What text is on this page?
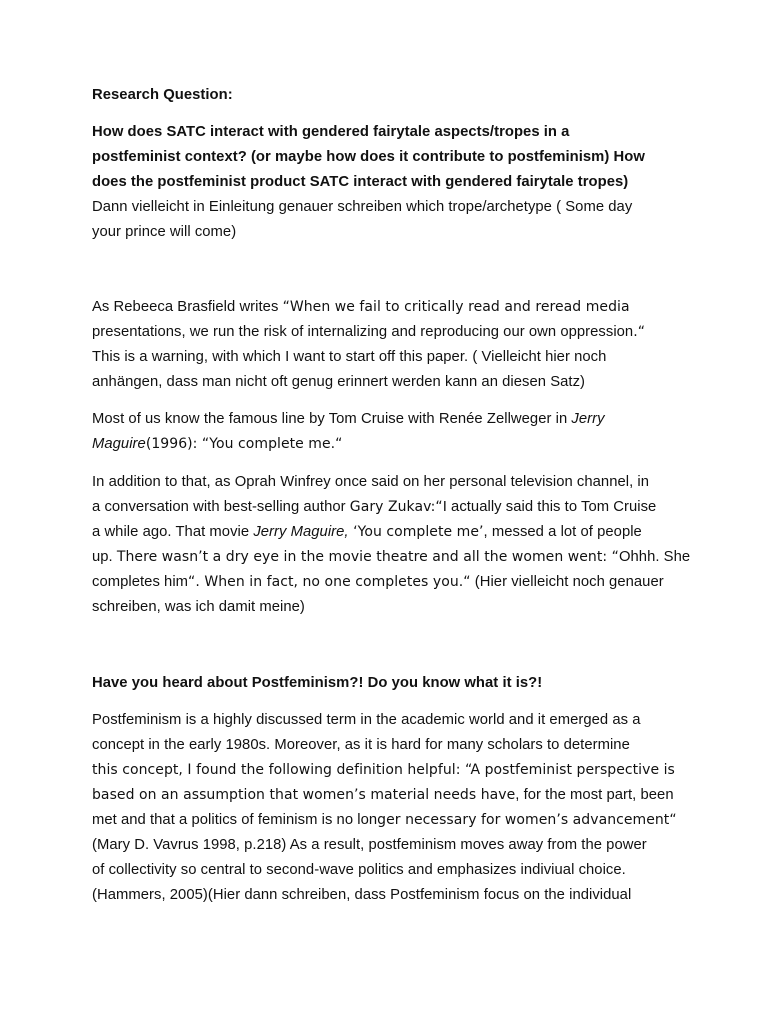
Research Question:
How does SATC interact with gendered fairytale aspects/tropes in a
postfeminist context? (or maybe how does it contribute to postfeminism) How
does the postfeminist product SATC interact with gendered fairytale tropes)
Dann vielleicht in Einleitung genauer schreiben which trope/archetype ( Some day
your prince will come)
As Rebeeca Brasfield writes “When we fail to critically read and reread media
presentations, we run the risk of internalizing and reproducing our own oppression.“
This is a warning, with which I want to start off this paper. ( Vielleicht hier noch
anhängen, dass man nicht oft genug erinnert werden kann an diesen Satz)
Most of us know the famous line by Tom Cruise with Renée Zellweger in Jerry
Maguire(1996): “You complete me.“
In addition to that, as Oprah Winfrey once said on her personal television channel, in
a conversation with best-selling author Gary Zukav:“I actually said this to Tom Cruise
a while ago. That movie Jerry Maguire, ‘You complete me’, messed a lot of people
up. There wasn’t a dry eye in the movie theatre and all the women went: “Ohhh. She
completes him“. When in fact, no one completes you.“ (Hier vielleicht noch genauer
schreiben, was ich damit meine)
Have you heard about Postfeminism?! Do you know what it is?!
Postfeminism is a highly discussed term in the academic world and it emerged as a
concept in the early 1980s. Moreover, as it is hard for many scholars to determine
this concept, I found the following definition helpful: “A postfeminist perspective is
based on an assumption that women’s material needs have, for the most part, been
met and that a politics of feminism is no longer necessary for women’s advancement“
(Mary D. Vavrus 1998, p.218) As a result, postfeminism moves away from the power
of collectivity so central to second-wave politics and emphasizes indiviual choice.
(Hammers, 2005)(Hier dann schreiben, dass Postfeminism focus on the individual
